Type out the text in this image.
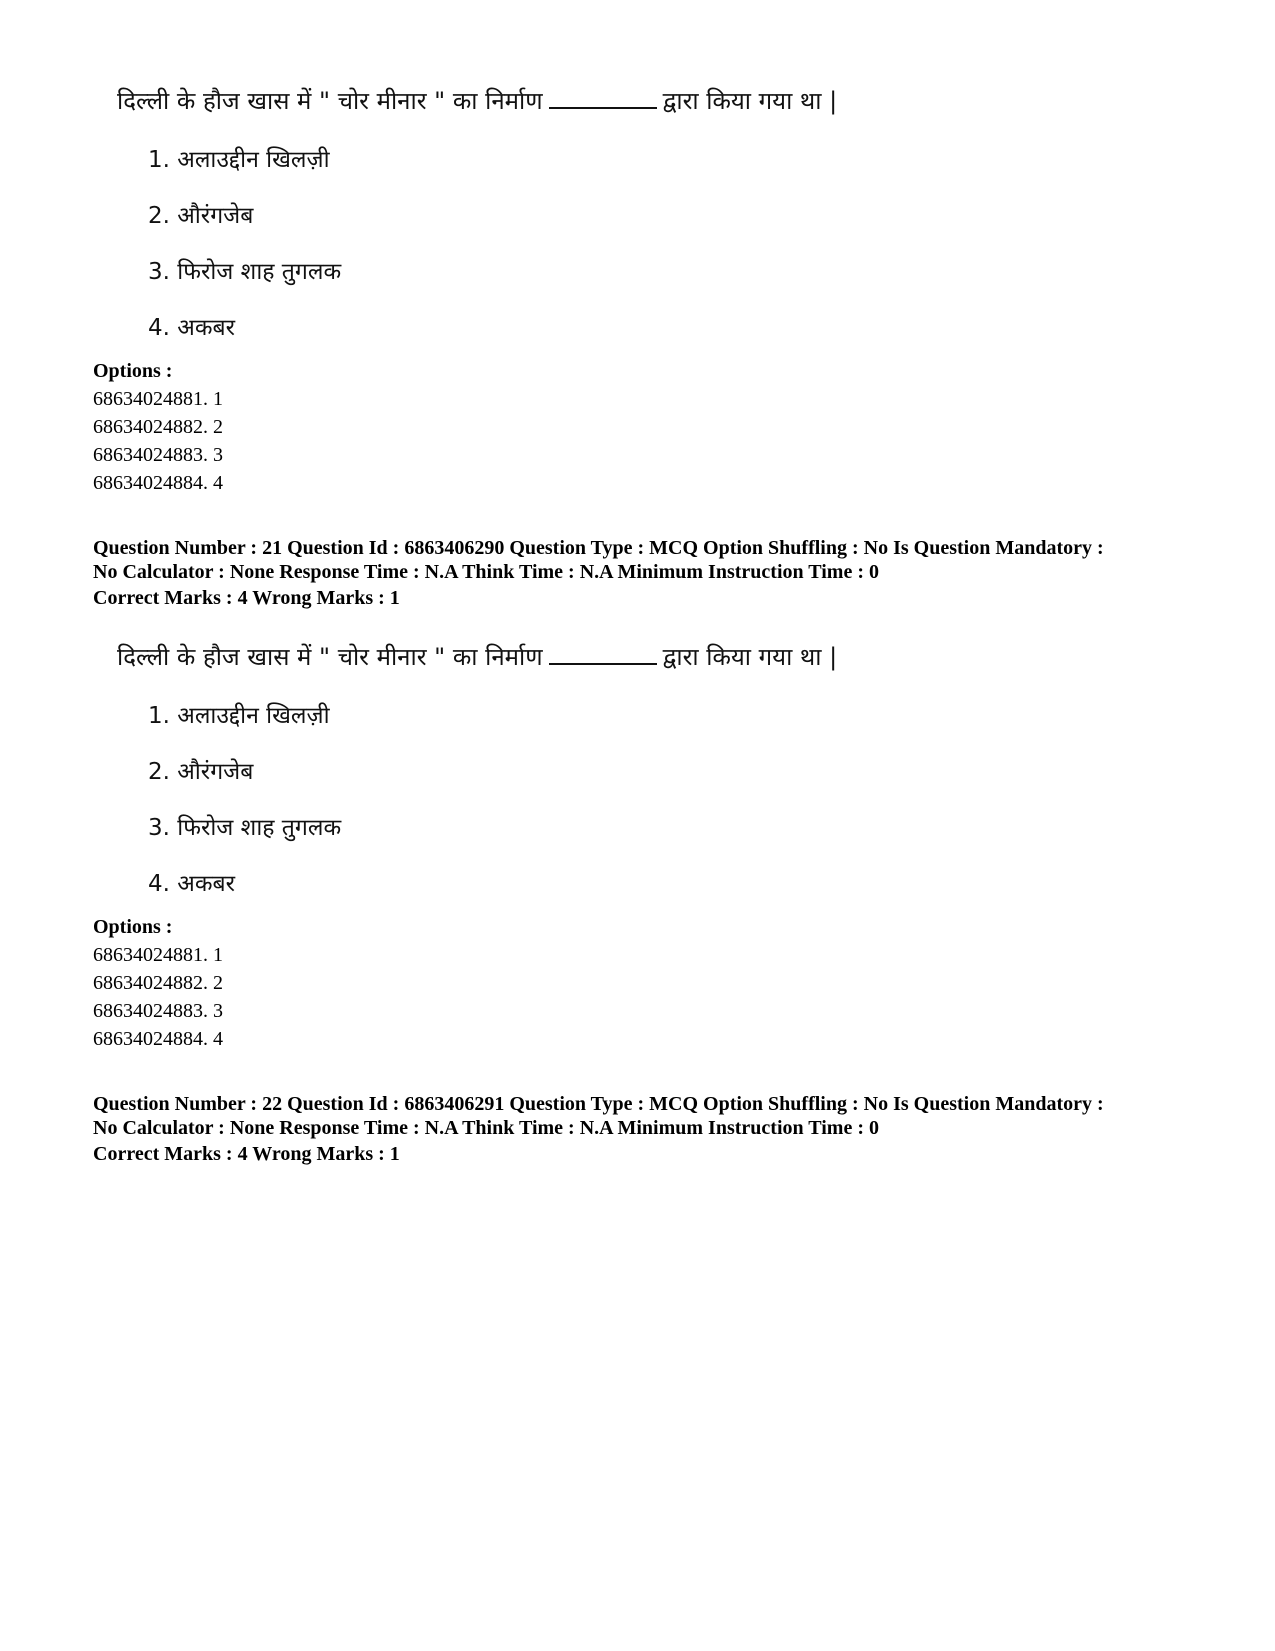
दिल्ली के हौज खास में " चोर मीनार " का निर्माण	द्वारा किया गया था |
1. अलाउद्दीन खिलज़ी
2. औरंगजेब
3. फिरोज शाह तुगलक
4. अकबर
Options :
68634024881. 1
68634024882. 2
68634024883. 3
68634024884. 4
Question Number : 21 Question Id : 6863406290 Question Type : MCQ Option Shuffling : No Is Question Mandatory :
No Calculator : None Response Time : N.A Think Time : N.A Minimum Instruction Time : 0
Correct Marks : 4 Wrong Marks : 1
दिल्ली के हौज खास में " चोर मीनार " का निर्माण	द्वारा किया गया था |
1. अलाउद्दीन खिलज़ी
2. औरंगजेब
3. फिरोज शाह तुगलक
4. अकबर
Options :
68634024881. 1
68634024882. 2
68634024883. 3
68634024884. 4
Question Number : 22 Question Id : 6863406291 Question Type : MCQ Option Shuffling : No Is Question Mandatory :
No Calculator : None Response Time : N.A Think Time : N.A Minimum Instruction Time : 0
Correct Marks : 4 Wrong Marks : 1
